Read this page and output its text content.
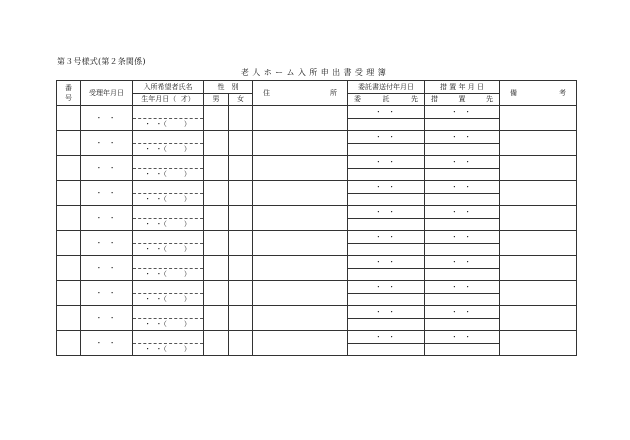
第３号様式(第２条関係)
老人ホーム入所申出書受理簿
番
号	受理年月日	入所希望者氏名	性　別		住 所	委託書送付年月日	措 置 年 月 日	備 考

		生年月日（ 才）	男	女		委 託 先	措 置 先	

	・ ・					・ ・	・ ・	
		・ ・（　　）						
	・ ・					・ ・	・ ・	
		・ ・（　　）						
	・ ・					・ ・	・ ・	
		・ ・（　　）						
	・ ・					・ ・	・ ・	
		・ ・（　　）						
	・ ・					・ ・	・ ・	
		・ ・（　　）						
	・ ・					・ ・	・ ・	
		・ ・（　　）						
	・ ・					・ ・	・ ・	
		・ ・（　　）						
	・ ・					・ ・	・ ・	
		・ ・（　　）						
	・ ・					・ ・	・ ・	
		・ ・（　　）						
	・ ・					・ ・	・ ・	
		・ ・（　　）						
